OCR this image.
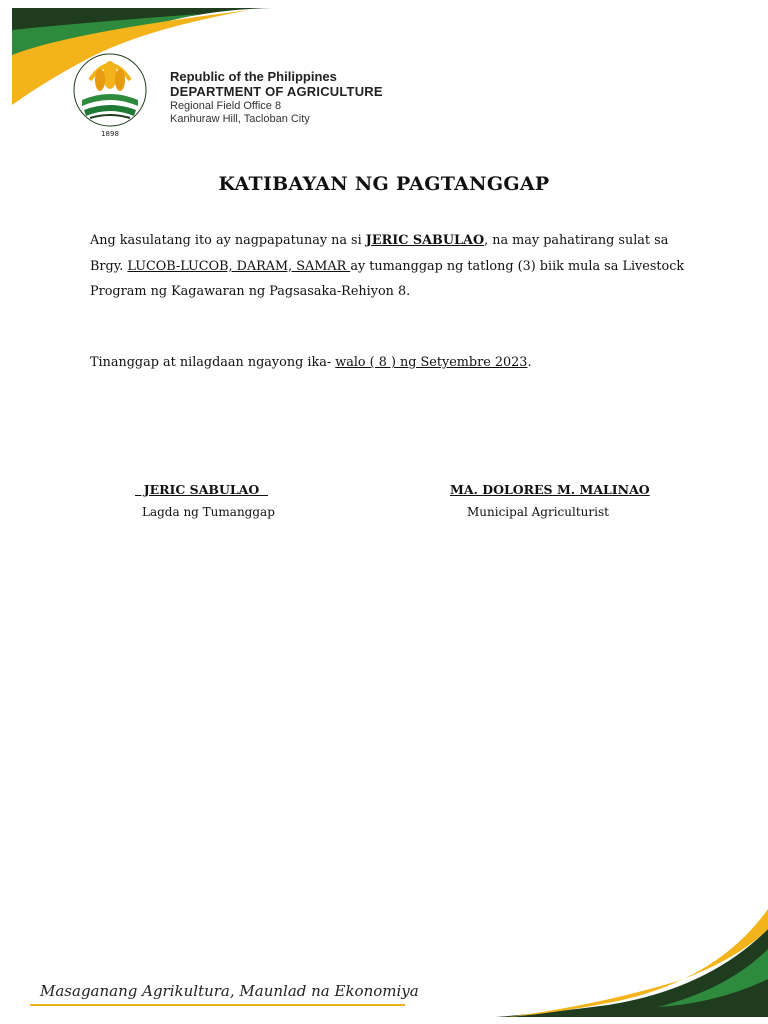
1898
Republic of the Philippines
DEPARTMENT OF AGRICULTURE
Regional Field Office 8
Kanhuraw Hill, Tacloban City
KATIBAYAN NG PAGTANGGAP
Ang kasulatang ito ay nagpapatunay na si JERIC SABULAO, na may pahatirang sulat sa Brgy. LUCOB-LUCOB, DARAM, SAMAR ay tumanggap ng tatlong (3) biik mula sa Livestock Program ng Kagawaran ng Pagsasaka-Rehiyon 8.
Tinanggap at nilagdaan ngayong ika- walo ( 8 ) ng Setyembre 2023.
JERIC SABULAO
Lagda ng Tumanggap
MA. DOLORES M. MALINAO
Municipal Agriculturist
Masaganang Agrikultura, Maunlad na Ekonomiya
